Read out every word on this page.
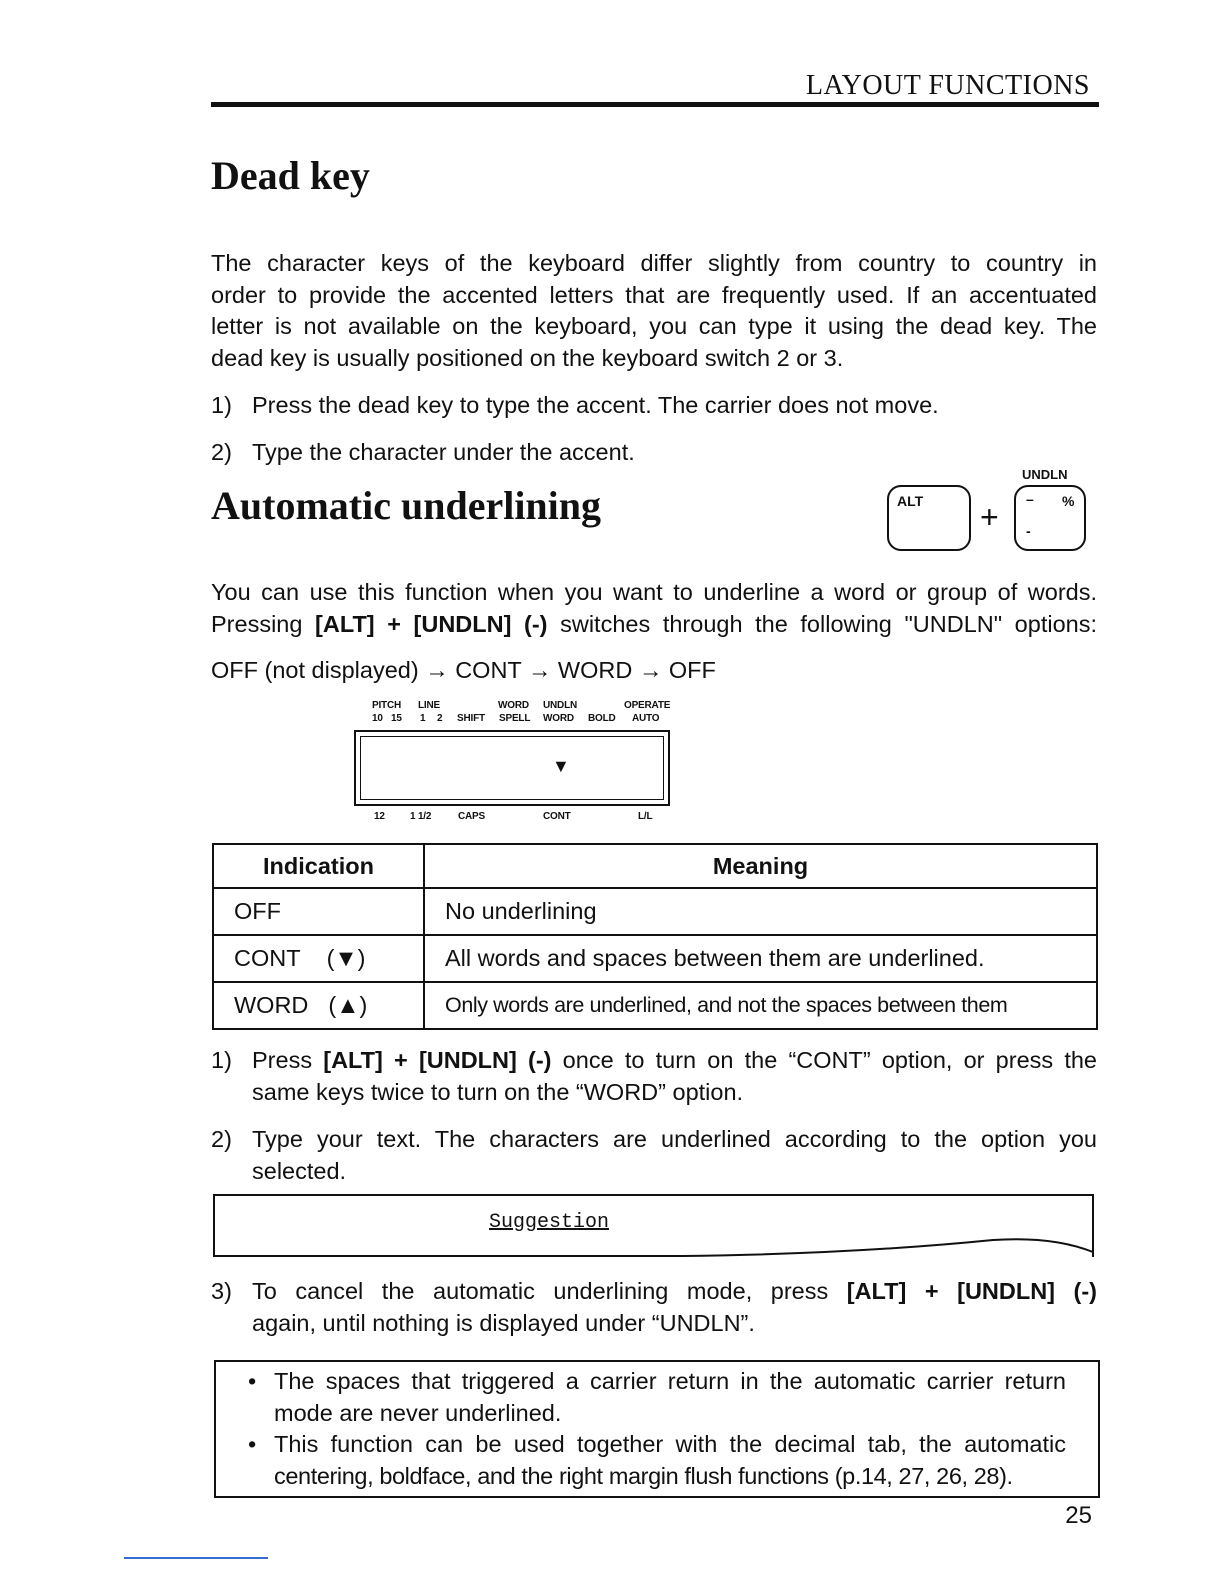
LAYOUT FUNCTIONS
Dead key
The character keys of the keyboard differ slightly from country to country in
order to provide the accented letters that are frequently used. If an accentuated
letter is not available on the keyboard, you can type it using the dead key. The
dead key is usually positioned on the keyboard switch 2 or 3.
1) Press the dead key to type the accent. The carrier does not move.
2) Type the character under the accent.
Automatic underlining	ALT +
UNDLN
– %
-
You can use this function when you want to underline a word or group of words.
Pressing [ALT] + [UNDLN] (-) switches through the following "UNDLN" options:
OFF (not displayed) → CONT → WORD → OFF
PITCH LINE	WORD UNDLN	OPERATE
10 15 1 2 SHIFT SPELL WORD BOLD AUTO
▼
12	1 1/2	CAPS	CONT	L/L
Indication	Meaning
OFF	No underlining
CONT (▼)	All words and spaces between them are underlined.
WORD (▲)	Only words are underlined, and not the spaces between them
1) Press [ALT] + [UNDLN] (-) once to turn on the “CONT” option, or press the
same keys twice to turn on the “WORD” option.
2) Type your text. The characters are underlined according to the option you
selected.
Suggestion
3) To cancel the automatic underlining mode, press [ALT] + [UNDLN] (-)
again, until nothing is displayed under “UNDLN”.
• The spaces that triggered a carrier return in the automatic carrier return
mode are never underlined.
• This function can be used together with the decimal tab, the automatic
centering, boldface, and the right margin flush functions (p.14, 27, 26, 28).
25
